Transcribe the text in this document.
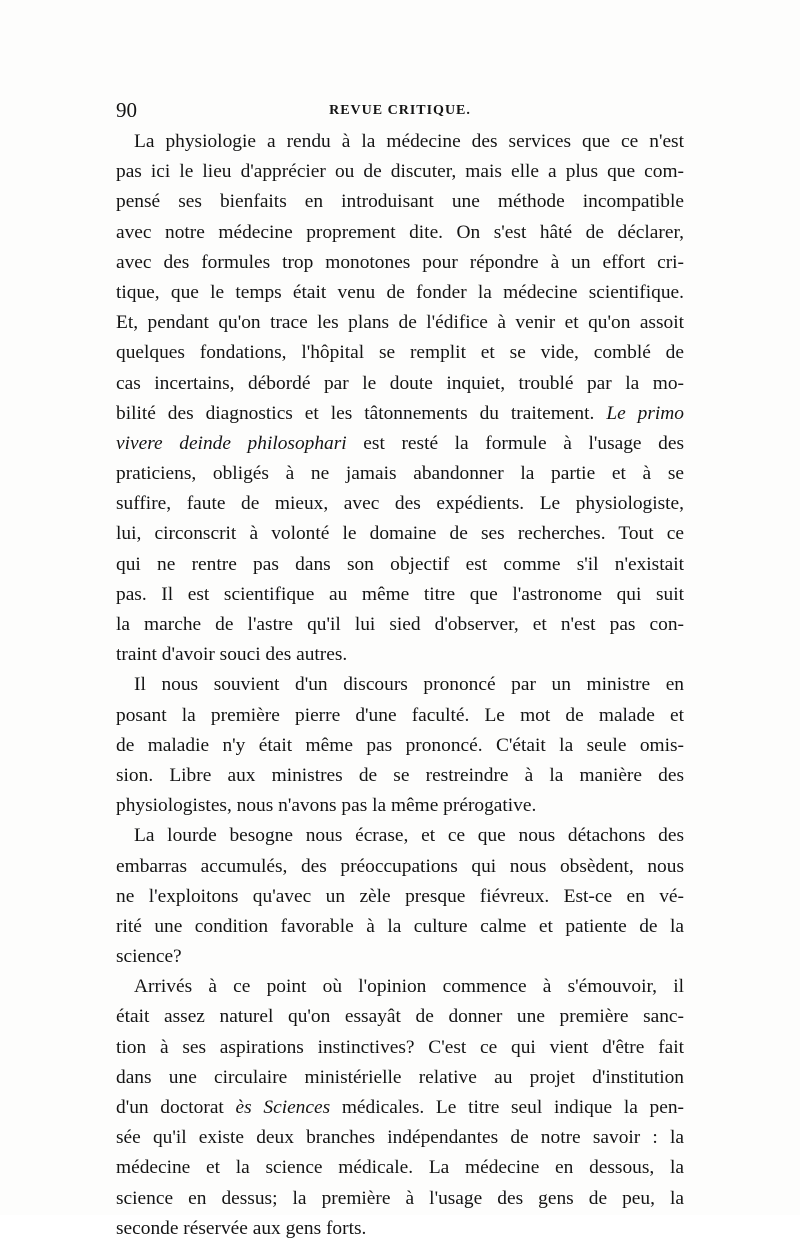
90	REVUE CRITIQUE.
La physiologie a rendu à la médecine des services que ce n'est
pas ici le lieu d'apprécier ou de discuter, mais elle a plus que com-
pensé ses bienfaits en introduisant une méthode incompatible
avec notre médecine proprement dite. On s'est hâté de déclarer,
avec des formules trop monotones pour répondre à un effort cri-
tique, que le temps était venu de fonder la médecine scientifique.
Et, pendant qu'on trace les plans de l'édifice à venir et qu'on assoit
quelques fondations, l'hôpital se remplit et se vide, comblé de
cas incertains, débordé par le doute inquiet, troublé par la mo-
bilité des diagnostics et les tâtonnements du traitement. Le primo
vivere deinde philosophari est resté la formule à l'usage des
praticiens, obligés à ne jamais abandonner la partie et à se
suffire, faute de mieux, avec des expédients. Le physiologiste,
lui, circonscrit à volonté le domaine de ses recherches. Tout ce
qui ne rentre pas dans son objectif est comme s'il n'existait
pas. Il est scientifique au même titre que l'astronome qui suit
la marche de l'astre qu'il lui sied d'observer, et n'est pas con-
traint d'avoir souci des autres.
Il nous souvient d'un discours prononcé par un ministre en
posant la première pierre d'une faculté. Le mot de malade et
de maladie n'y était même pas prononcé. C'était la seule omis-
sion. Libre aux ministres de se restreindre à la manière des
physiologistes, nous n'avons pas la même prérogative.
La lourde besogne nous écrase, et ce que nous détachons des
embarras accumulés, des préoccupations qui nous obsèdent, nous
ne l'exploitons qu'avec un zèle presque fiévreux. Est-ce en vé-
rité une condition favorable à la culture calme et patiente de la
science?
Arrivés à ce point où l'opinion commence à s'émouvoir, il
était assez naturel qu'on essayât de donner une première sanc-
tion à ses aspirations instinctives? C'est ce qui vient d'être fait
dans une circulaire ministérielle relative au projet d'institution
d'un doctorat ès Sciences médicales. Le titre seul indique la pen-
sée qu'il existe deux branches indépendantes de notre savoir : la
médecine et la science médicale. La médecine en dessous, la
science en dessus; la première à l'usage des gens de peu, la
seconde réservée aux gens forts.
